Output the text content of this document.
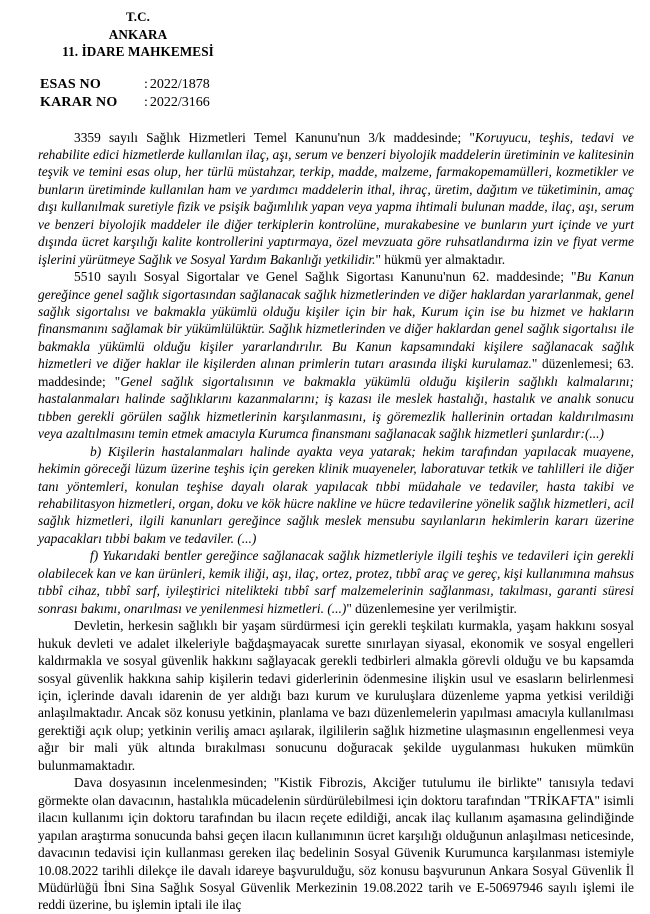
T.C.
ANKARA
11. İDARE MAHKEMESİ
ESAS NO	: 2022/1878
KARAR NO	: 2022/3166

3359 sayılı Sağlık Hizmetleri Temel Kanunu'nun 3/k maddesinde; "Koruyucu, teşhis, tedavi ve rehabilite edici hizmetlerde kullanılan ilaç, aşı, serum ve benzeri biyolojik maddelerin üretiminin ve kalitesinin teşvik ve temini esas olup, her türlü müstahzar, terkip, madde, malzeme, farmakopemamülleri, kozmetikler ve bunların üretiminde kullanılan ham ve yardımcı maddelerin ithal, ihraç, üretim, dağıtım ve tüketiminin, amaç dışı kullanılmak suretiyle fizik ve psişik bağımlılık yapan veya yapma ihtimali bulunan madde, ilaç, aşı, serum ve benzeri biyolojik maddeler ile diğer terkiplerin kontrolüne, murakabesine ve bunların yurt içinde ve yurt dışında ücret karşılığı kalite kontrollerini yaptırmaya, özel mevzuata göre ruhsatlandırma izin ve fiyat verme işlerini yürütmeye Sağlık ve Sosyal Yardım Bakanlığı yetkilidir." hükmü yer almaktadır.

5510 sayılı Sosyal Sigortalar ve Genel Sağlık Sigortası Kanunu'nun 62. maddesinde; "Bu Kanun gereğince genel sağlık sigortasından sağlanacak sağlık hizmetlerinden ve diğer haklardan yararlanmak, genel sağlık sigortalısı ve bakmakla yükümlü olduğu kişiler için bir hak, Kurum için ise bu hizmet ve hakların finansmanını sağlamak bir yükümlülüktür. Sağlık hizmetlerinden ve diğer haklardan genel sağlık sigortalısı ile bakmakla yükümlü olduğu kişiler yararlandırılır. Bu Kanun kapsamındaki kişilere sağlanacak sağlık hizmetleri ve diğer haklar ile kişilerden alınan primlerin tutarı arasında ilişki kurulamaz." düzenlemesi; 63. maddesinde; "Genel sağlık sigortalısının ve bakmakla yükümlü olduğu kişilerin sağlıklı kalmalarını; hastalanmaları halinde sağlıklarını kazanmalarını; iş kazası ile meslek hastalığı, hastalık ve analık sonucu tıbben gerekli görülen sağlık hizmetlerinin karşılanmasını, iş göremezlik hallerinin ortadan kaldırılmasını veya azaltılmasını temin etmek amacıyla Kurumca finansmanı sağlanacak sağlık hizmetleri şunlardır:(...)

b) Kişilerin hastalanmaları halinde ayakta veya yatarak; hekim tarafından yapılacak muayene, hekimin göreceği lüzum üzerine teşhis için gereken klinik muayeneler, laboratuvar tetkik ve tahlilleri ile diğer tanı yöntemleri, konulan teşhise dayalı olarak yapılacak tıbbi müdahale ve tedaviler, hasta takibi ve rehabilitasyon hizmetleri, organ, doku ve kök hücre nakline ve hücre tedavilerine yönelik sağlık hizmetleri, acil sağlık hizmetleri, ilgili kanunları gereğince sağlık meslek mensubu sayılanların hekimlerin kararı üzerine yapacakları tıbbi bakım ve tedaviler. (...)

f) Yukarıdaki bentler gereğince sağlanacak sağlık hizmetleriyle ilgili teşhis ve tedavileri için gerekli olabilecek kan ve kan ürünleri, kemik iliği, aşı, ilaç, ortez, protez, tıbbî araç ve gereç, kişi kullanımına mahsus tıbbî cihaz, tıbbî sarf, iyileştirici nitelikteki tıbbî sarf malzemelerinin sağlanması, takılması, garanti süresi sonrası bakımı, onarılması ve yenilenmesi hizmetleri. (...)" düzenlemesine yer verilmiştir.

Devletin, herkesin sağlıklı bir yaşam sürdürmesi için gerekli teşkilatı kurmakla, yaşam hakkını sosyal hukuk devleti ve adalet ilkeleriyle bağdaşmayacak surette sınırlayan siyasal, ekonomik ve sosyal engelleri kaldırmakla ve sosyal güvenlik hakkını sağlayacak gerekli tedbirleri almakla görevli olduğu ve bu kapsamda sosyal güvenlik hakkına sahip kişilerin tedavi giderlerinin ödenmesine ilişkin usul ve esasların belirlenmesi için, içlerinde davalı idarenin de yer aldığı bazı kurum ve kuruluşlara düzenleme yapma yetkisi verildiği anlaşılmaktadır. Ancak söz konusu yetkinin, planlama ve bazı düzenlemelerin yapılması amacıyla kullanılması gerektiği açık olup; yetkinin veriliş amacı aşılarak, ilgililerin sağlık hizmetine ulaşmasının engellenmesi veya ağır bir mali yük altında bırakılması sonucunu doğuracak şekilde uygulanması hukuken mümkün bulunmamaktadır.

Dava dosyasının incelenmesinden; "Kistik Fibrozis, Akciğer tutulumu ile birlikte" tanısıyla tedavi görmekte olan davacının, hastalıkla mücadelenin sürdürülebilmesi için doktoru tarafından "TRİKAFTA" isimli ilacın kullanımı için doktoru tarafından bu ilacın reçete edildiği, ancak ilaç kullanım aşamasına gelindiğinde yapılan araştırma sonucunda bahsi geçen ilacın kullanımının ücret karşılığı olduğunun anlaşılması neticesinde, davacının tedavisi için kullanması gereken ilaç bedelinin Sosyal Güvenik Kurumunca karşılanması istemiyle 10.08.2022 tarihli dilekçe ile davalı idareye başvurulduğu, söz konusu başvurunun Ankara Sosyal Güvenlik İl Müdürlüğü İbni Sina Sağlık Sosyal Güvenlik Merkezinin 19.08.2022 tarih ve E-50697946 sayılı işlemi ile reddi üzerine, bu işlemin iptali ile ilaç
